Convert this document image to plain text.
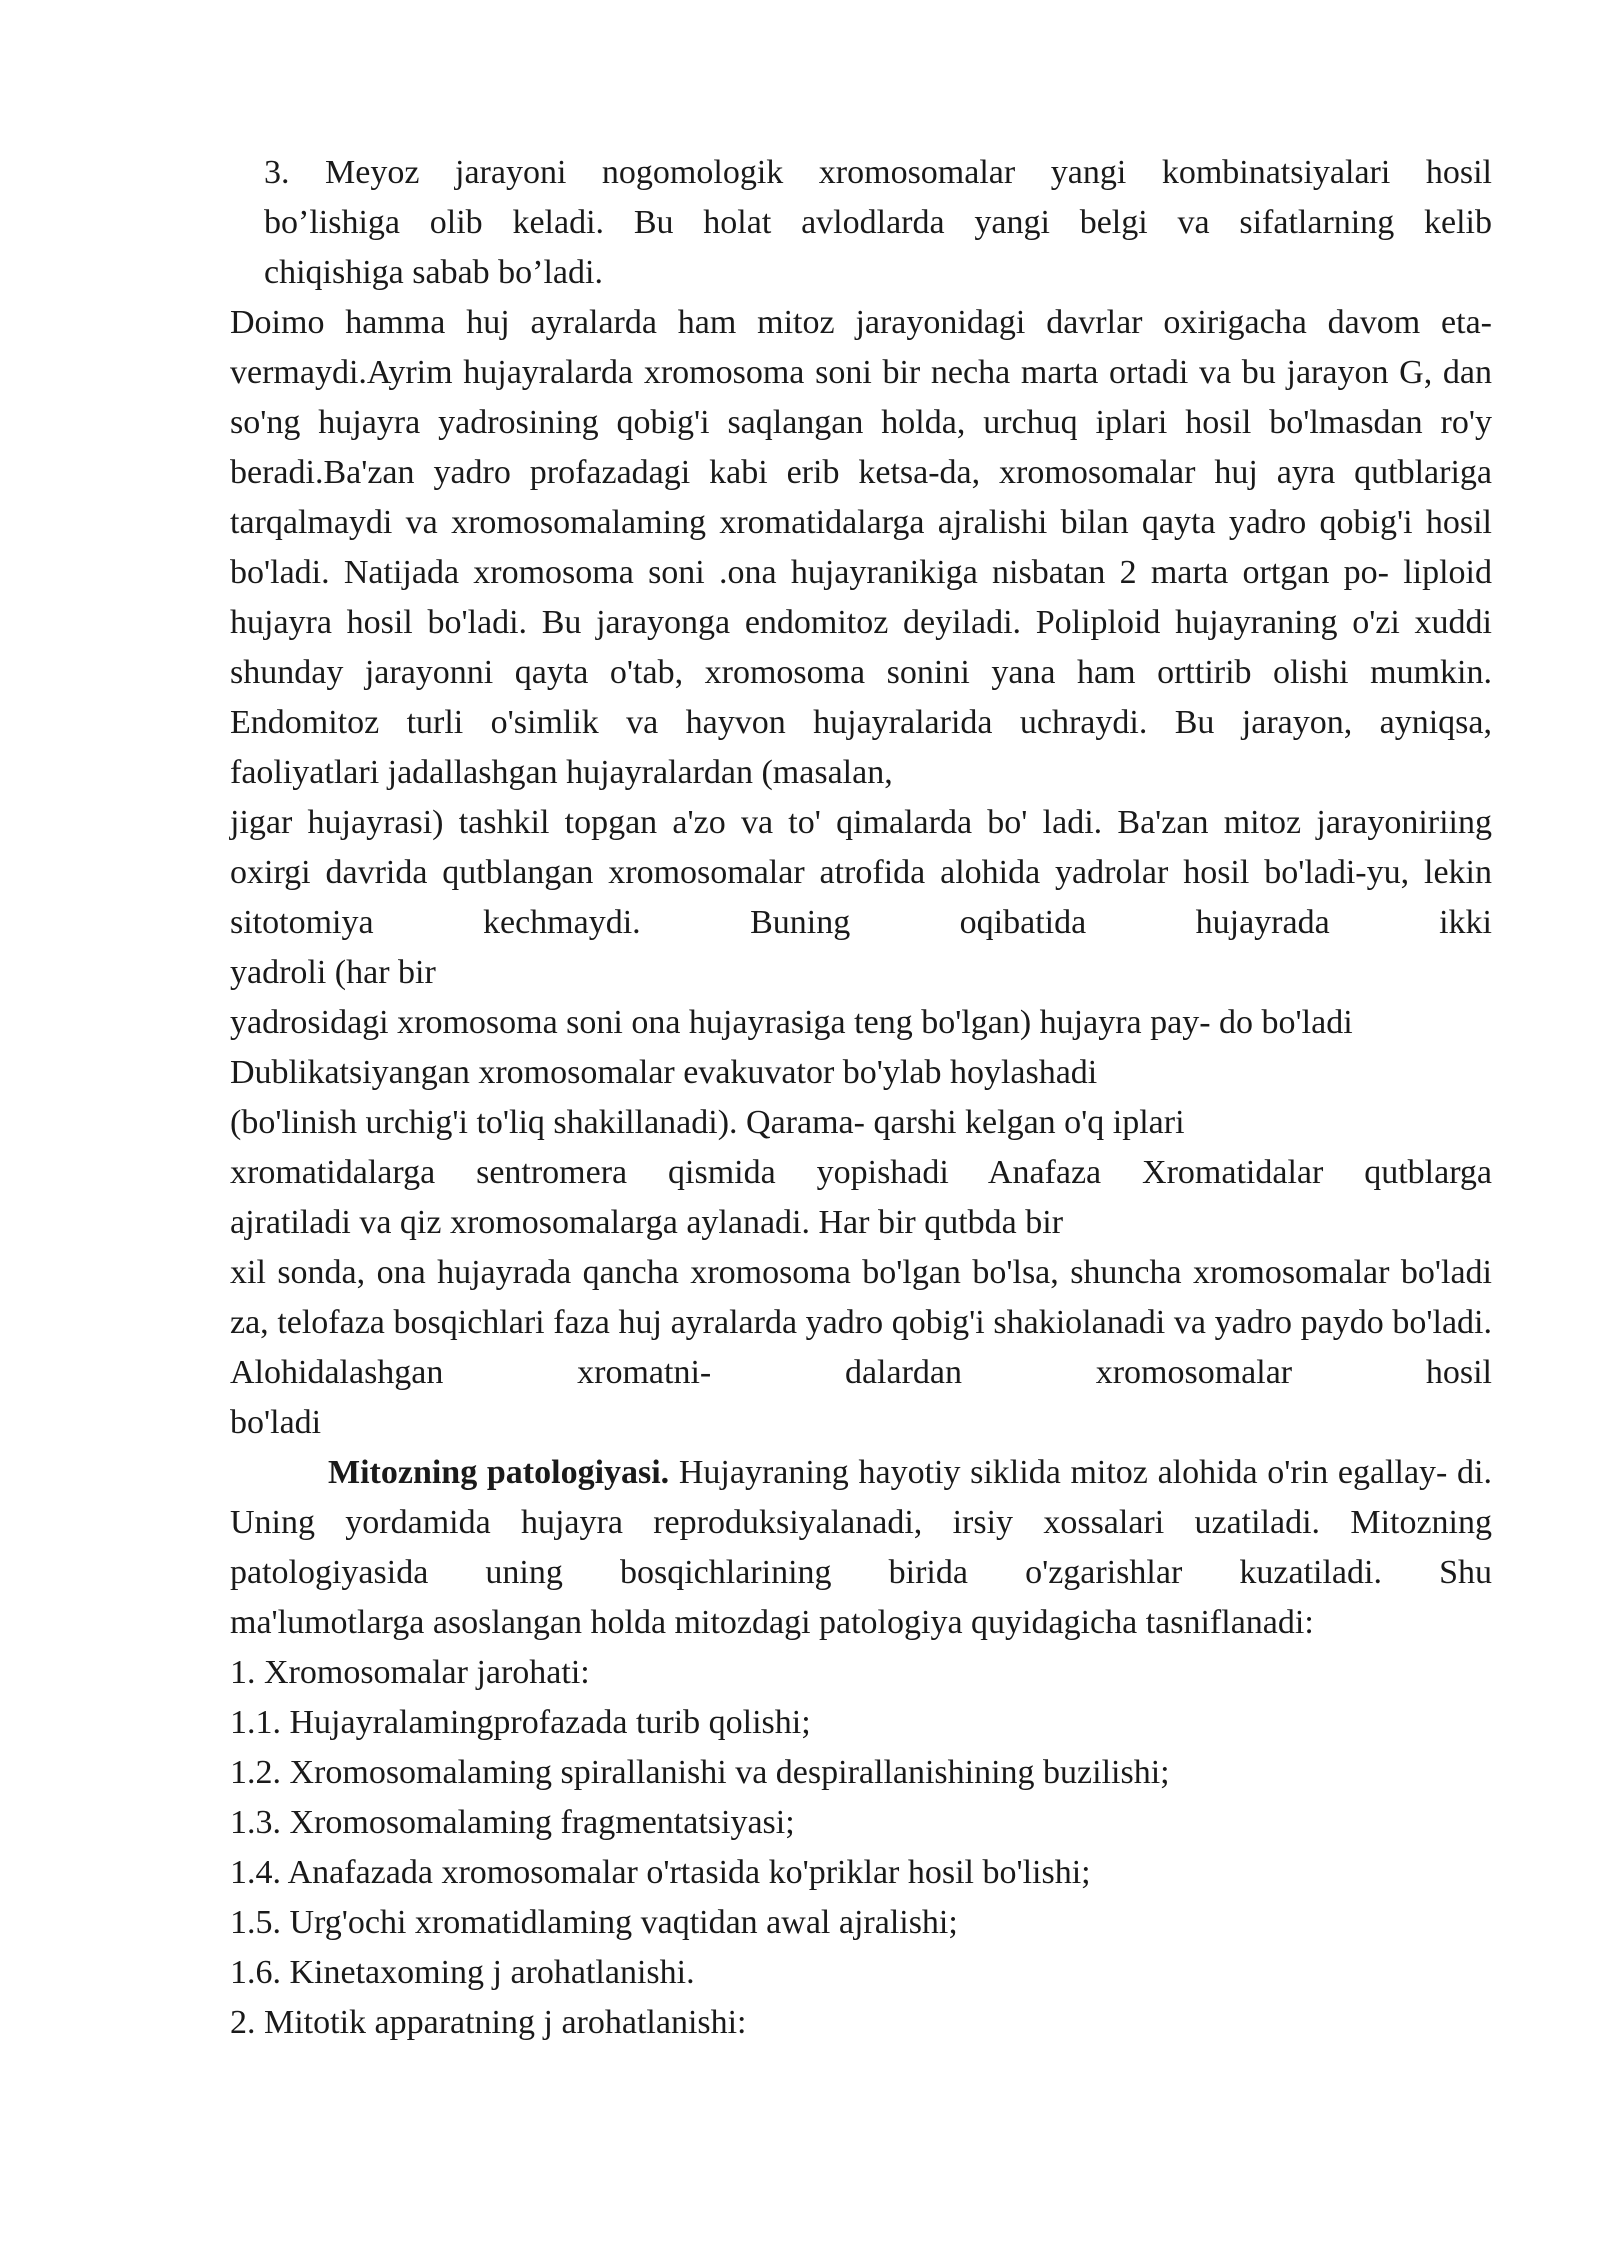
3. Meyoz jarayoni nogomologik xromosomalar yangi kombinatsiyalari hosil

bo’lishiga olib keladi. Bu holat avlodlarda yangi belgi va sifatlarning kelib

chiqishiga sabab bo’ladi.

Doimo hamma huj ayralarda ham mitoz jarayonidagi davrlar oxirigacha davom eta- vermaydi.Ayrim hujayralarda xromosoma soni bir necha marta ortadi va bu jarayon G, dan so'ng hujayra yadrosining qobig'i saqlangan holda, urchuq iplari hosil bo'lmasdan ro'y beradi.Ba'zan yadro profazadagi kabi erib ketsa-da, xromosomalar huj ayra qutblariga tarqalmaydi va xromosomalaming xromatidalarga ajralishi bilan qayta yadro qobig'i hosil bo'ladi. Natijada xromosoma soni .ona hujayranikiga nisbatan 2 marta ortgan po- liploid hujayra hosil bo'ladi. Bu jarayonga endomitoz deyiladi. Poliploid hujayraning o'zi xuddi shunday jarayonni qayta o'tab, xromosoma sonini yana ham orttirib olishi mumkin. Endomitoz turli o'simlik va hayvon hujayralarida uchraydi. Bu jarayon, ayniqsa,

faoliyatlari jadallashgan hujayralardan (masalan,

jigar hujayrasi) tashkil topgan a'zo va to' qimalarda bo' ladi. Ba'zan mitoz jarayoniriing oxirgi davrida qutblangan xromosomalar atrofida alohida yadrolar hosil bo'ladi-yu, lekin sitotomiya kechmaydi. Buning oqibatida hujayrada ikki

yadroli (har bir

yadrosidagi xromosoma soni ona hujayrasiga teng bo'lgan) hujayra pay- do bo'ladi

Dublikatsiyangan xromosomalar evakuvator bo'ylab hoylashadi

(bo'linish urchig'i to'liq shakillanadi). Qarama- qarshi kelgan o'q iplari

xromatidalarga sentromera qismida yopishadi Anafaza Xromatidalar qutblarga

ajratiladi va qiz xromosomalarga aylanadi. Har bir qutbda bir

xil sonda, ona hujayrada qancha xromosoma bo'lgan bo'lsa, shuncha xromosomalar bo'ladi za, telofaza bosqichlari faza huj ayralarda yadro qobig'i shakiolanadi va yadro paydo bo'ladi. Alohidalashgan xromatni- dalardan xromosomalar hosil

bo'ladi

Mitozning patologiyasi. Hujayraning hayotiy siklida mitoz alohida o'rin egallay- di. Uning yordamida hujayra reproduksiyalanadi, irsiy xossalari uzatiladi. Mitozning patologiyasida uning bosqichlarining birida o'zgarishlar kuzatiladi. Shu

ma'lumotlarga asoslangan holda mitozdagi patologiya quyidagicha tasniflanadi:

1. Xromosomalar jarohati:

1.1. Hujayralamingprofazada turib qolishi;

1.2. Xromosomalaming spirallanishi va despirallanishining buzilishi;

1.3. Xromosomalaming fragmentatsiyasi;

1.4. Anafazada xromosomalar o'rtasida ko'priklar hosil bo'lishi;

1.5. Urg'ochi xromatidlaming vaqtidan awal ajralishi;

1.6. Kinetaxoming j arohatlanishi.

2. Mitotik apparatning j arohatlanishi:
